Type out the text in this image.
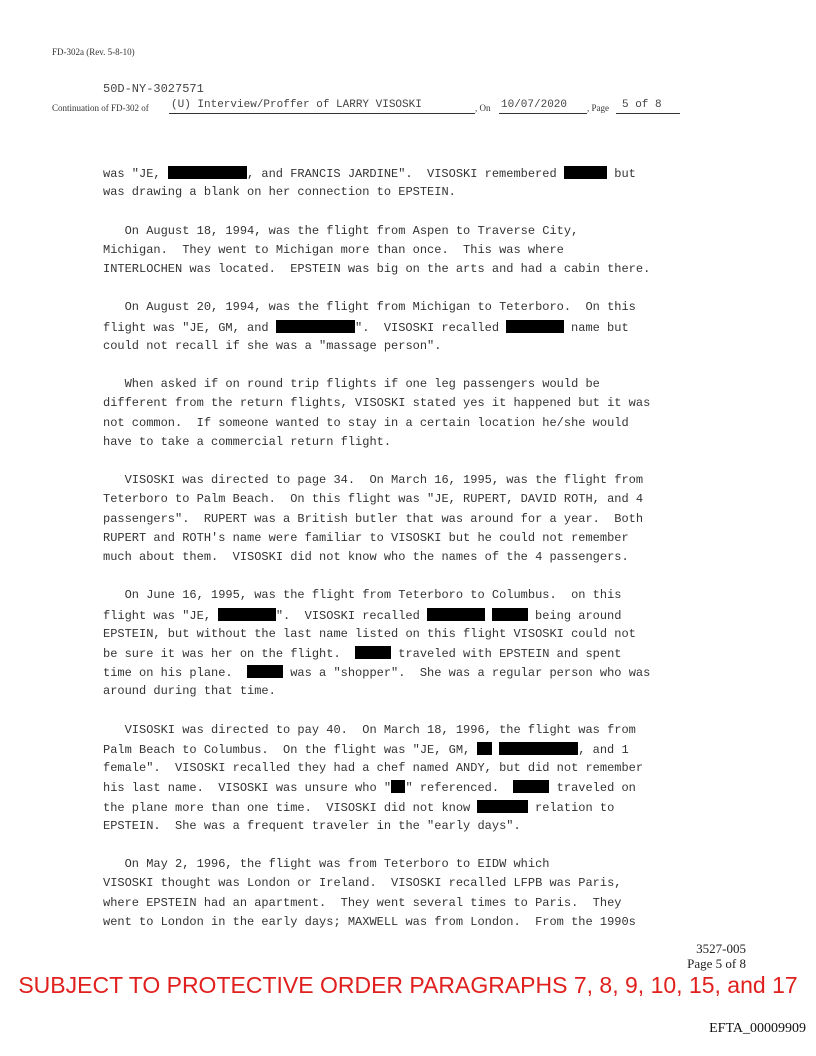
FD-302a (Rev. 5-8-10)
50D-NY-3027571
Continuation of FD-302 of (U) Interview/Proffer of LARRY VISOSKI	, On 10/07/2020	, Page	5 of 8
was "JE,	, and FRANCIS JARDINE".  VISOSKI remembered	but
was drawing a blank on her connection to EPSTEIN.
On August 18, 1994, was the flight from Aspen to Traverse City,
Michigan.  They went to Michigan more than once.  This was where
INTERLOCHEN was located.  EPSTEIN was big on the arts and had a cabin there.
On August 20, 1994, was the flight from Michigan to Teterboro.  On this
flight was "JE, GM, and	".  VISOSKI recalled	name but
could not recall if she was a "massage person".
When asked if on round trip flights if one leg passengers would be
different from the return flights, VISOSKI stated yes it happened but it was
not common.  If someone wanted to stay in a certain location he/she would
have to take a commercial return flight.
VISOSKI was directed to page 34.  On March 16, 1995, was the flight from
Teterboro to Palm Beach.  On this flight was "JE, RUPERT, DAVID ROTH, and 4
passengers".  RUPERT was a British butler that was around for a year.  Both
RUPERT and ROTH's name were familiar to VISOSKI but he could not remember
much about them.  VISOSKI did not know who the names of the 4 passengers.
On June 16, 1995, was the flight from Teterboro to Columbus.  on this
flight was "JE,	".  VISOSKI recalled	being around
EPSTEIN, but without the last name listed on this flight VISOSKI could not
be sure it was her on the flight.	traveled with EPSTEIN and spent
time on his plane.	was a "shopper".  She was a regular person who was
around during that time.
VISOSKI was directed to pay 40.  On March 18, 1996, the flight was from
Palm Beach to Columbus.  On the flight was "JE, GM,	, and 1
female".  VISOSKI recalled they had a chef named ANDY, but did not remember
his last name.  VISOSKI was unsure who " " referenced.	traveled on
the plane more than one time.  VISOSKI did not know	relation to
EPSTEIN.  She was a frequent traveler in the "early days".
On May 2, 1996, the flight was from Teterboro to EIDW which
VISOSKI thought was London or Ireland.  VISOSKI recalled LFPB was Paris,
where EPSTEIN had an apartment.  They went several times to Paris.  They
went to London in the early days; MAXWELL was from London.  From the 1990s
3527-005
Page 5 of 8
SUBJECT TO PROTECTIVE ORDER PARAGRAPHS 7, 8, 9, 10, 15, and 17
EFTA_00009909
